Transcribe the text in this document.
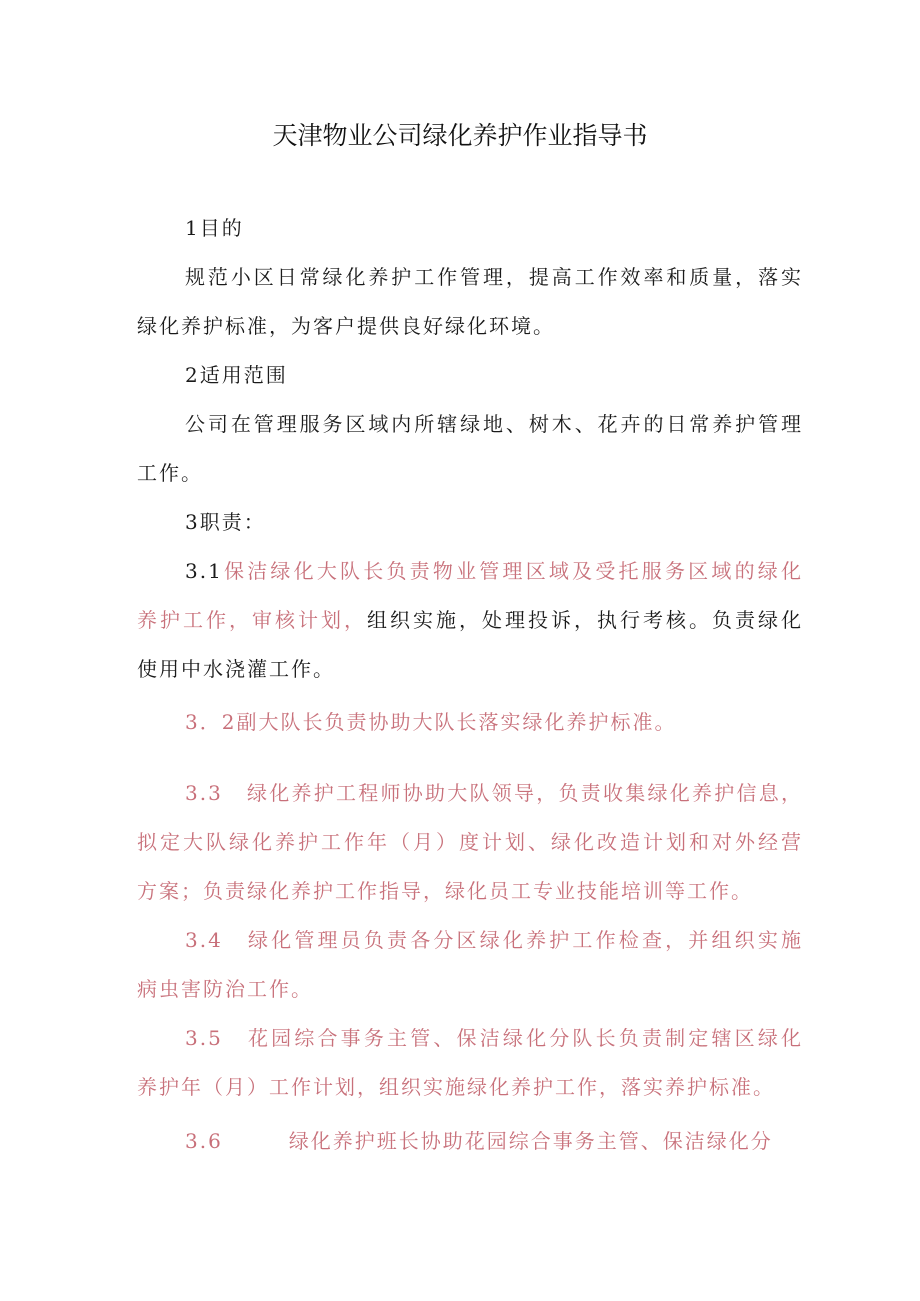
天津物业公司绿化养护作业指导书
1目的
规范小区日常绿化养护工作管理，提高工作效率和质量，落实
绿化养护标准，为客户提供良好绿化环境。
2适用范围
公司在管理服务区域内所辖绿地、树木、花卉的日常养护管理
工作。
3职责：
3.1保洁绿化大队长负责物业管理区域及受托服务区域的绿化
养护工作，审核计划，组织实施，处理投诉，执行考核。负责绿化
使用中水浇灌工作。
3．2副大队长负责协助大队长落实绿化养护标准。
3.3 绿化养护工程师协助大队领导，负责收集绿化养护信息，
拟定大队绿化养护工作年（月）度计划、绿化改造计划和对外经营
方案；负责绿化养护工作指导，绿化员工专业技能培训等工作。
3.4 绿化管理员负责各分区绿化养护工作检查，并组织实施
病虫害防治工作。
3.5 花园综合事务主管、保洁绿化分队长负责制定辖区绿化
养护年（月）工作计划，组织实施绿化养护工作，落实养护标准。
3.6	绿化养护班长协助花园综合事务主管、保洁绿化分
